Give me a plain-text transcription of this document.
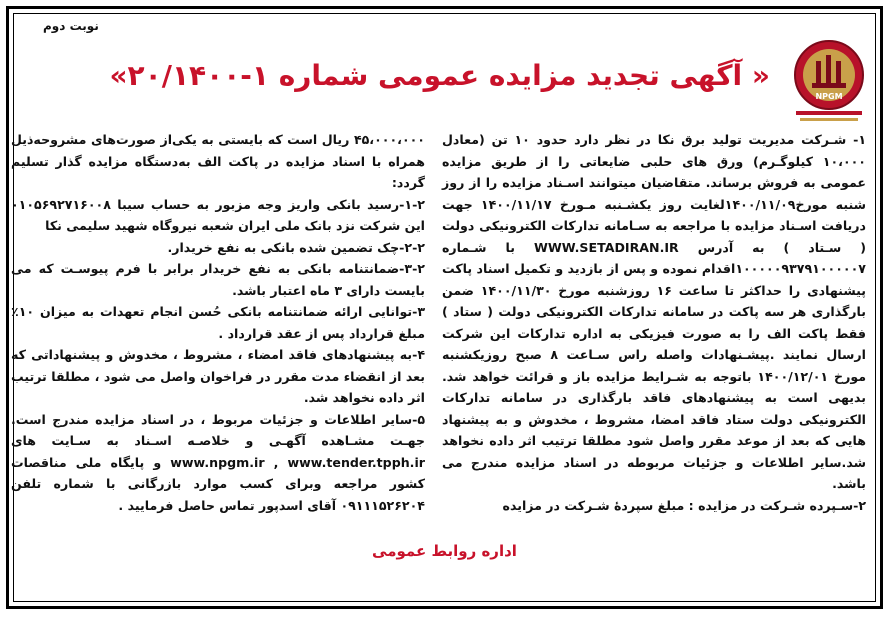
نوبت دوم
NPGM
« آگهی تجدید مزایده عمومی شماره ۱-۲۰/۱۴۰۰»

۱- شـرکت مدیریت تولید برق نکا در نظر دارد حدود ۱۰ تن (معادل ۱۰،۰۰۰ کیلوگـرم) ورق های حلبی ضایعاتی را از طریق مزایده عمومی به فروش برساند. متقاضیان میتوانند اسـناد مزایده را از روز شنبه مورخ۱۴۰۰/۱۱/۰۹لغایت روز یکشـنبه مـورخ ۱۴۰۰/۱۱/۱۷ جهت دریافت اسـناد مزایده با مراجعه به سـامانه تدارکات الکترونیکی دولت ( سـتاد ) به آدرس WWW.SETADIRAN.IR با شـماره ۱۰۰۰۰۰۹۳۷۹۱۰۰۰۰۰۷اقدام نموده و پس از بازدید و تکمیل اسناد پاکت پیشنهادی را حداکثر تا ساعت ۱۶ روزشنبه مورخ ۱۴۰۰/۱۱/۳۰ ضمن بارگذاری هر سه پاکت در سامانه تدارکات الکترونیکی دولت ( ستاد ) فقط پاکت الف را به صورت فیزیکی به اداره تدارکات این شرکت ارسال نمایند .پیشـنهادات واصله راس سـاعت ۸ صبح روزیکشنبه مورخ ۱۴۰۰/۱۲/۰۱ باتوجه به شـرایط مزایده باز و قرائت خواهد شد. بدیهی است به پیشنهادهای فاقد بارگذاری در سامانه تدارکات الکترونیکی دولت ستاد فاقد امضا، مشروط ، مخدوش و به پیشنهاد هایی که بعد از موعد مقرر واصل شود مطلقا ترتیب اثر داده نخواهد شد.سایر اطلاعات و جزئیات مربوطه در اسناد مزایده مندرج می باشد.

۲-سـپرده شـرکت در مزایده : مبلغ سپردهٔ شـرکت در مزایده

۴۵،۰۰۰،۰۰۰ ریال است که بایستی به یکی‌از صورت‌های مشروحه‌ذیل همراه با اسناد مزایده در پاکت الف به‌دستگاه مزایده گذار تسلیم گردد:

۱-۲-رسید بانکی واریز وجه مزبور به حساب سیبا ۰۱۰۵۶۹۲۷۱۶۰۰۸ این شرکت نزد بانک ملی ایران شعبه نیروگاه شهید سلیمی نکا

۲-۲-چک تضمین شده بانکی به نفع خریدار.

۳-۲-ضمانتنامه بانکی به نفع خریدار برابر با فرم پیوسـت که می بایست دارای ۳ ماه اعتبار باشد.

۳-توانایی ارائه ضمانتنامه بانکی حُسن انجام تعهدات به میزان ۱۰٪ مبلغ قرارداد پس از عقد قرارداد .

۴-به پیشنهادهای فاقد امضاء ، مشروط ، مخدوش و پیشنهاداتی که بعد از انقضاء مدت مقرر در فراخوان واصل می شود ، مطلقا ترتیب اثر داده نخواهد شد.

۵-سایر اطلاعات و جزئیات مربوط ، در اسناد مزایده مندرج است. جهـت مشـاهده آگهـی و خلاصـه اسـناد به سـایت های www.npgm.ir , www.tender.tpph.ir و پایگاه ملی مناقصات کشور مراجعه وبرای کسب موارد بازرگانی با شماره تلفن ۰۹۱۱۱۵۲۶۲۰۴ آقای اسدپور تماس حاصل فرمایید .

اداره روابط عمومی
